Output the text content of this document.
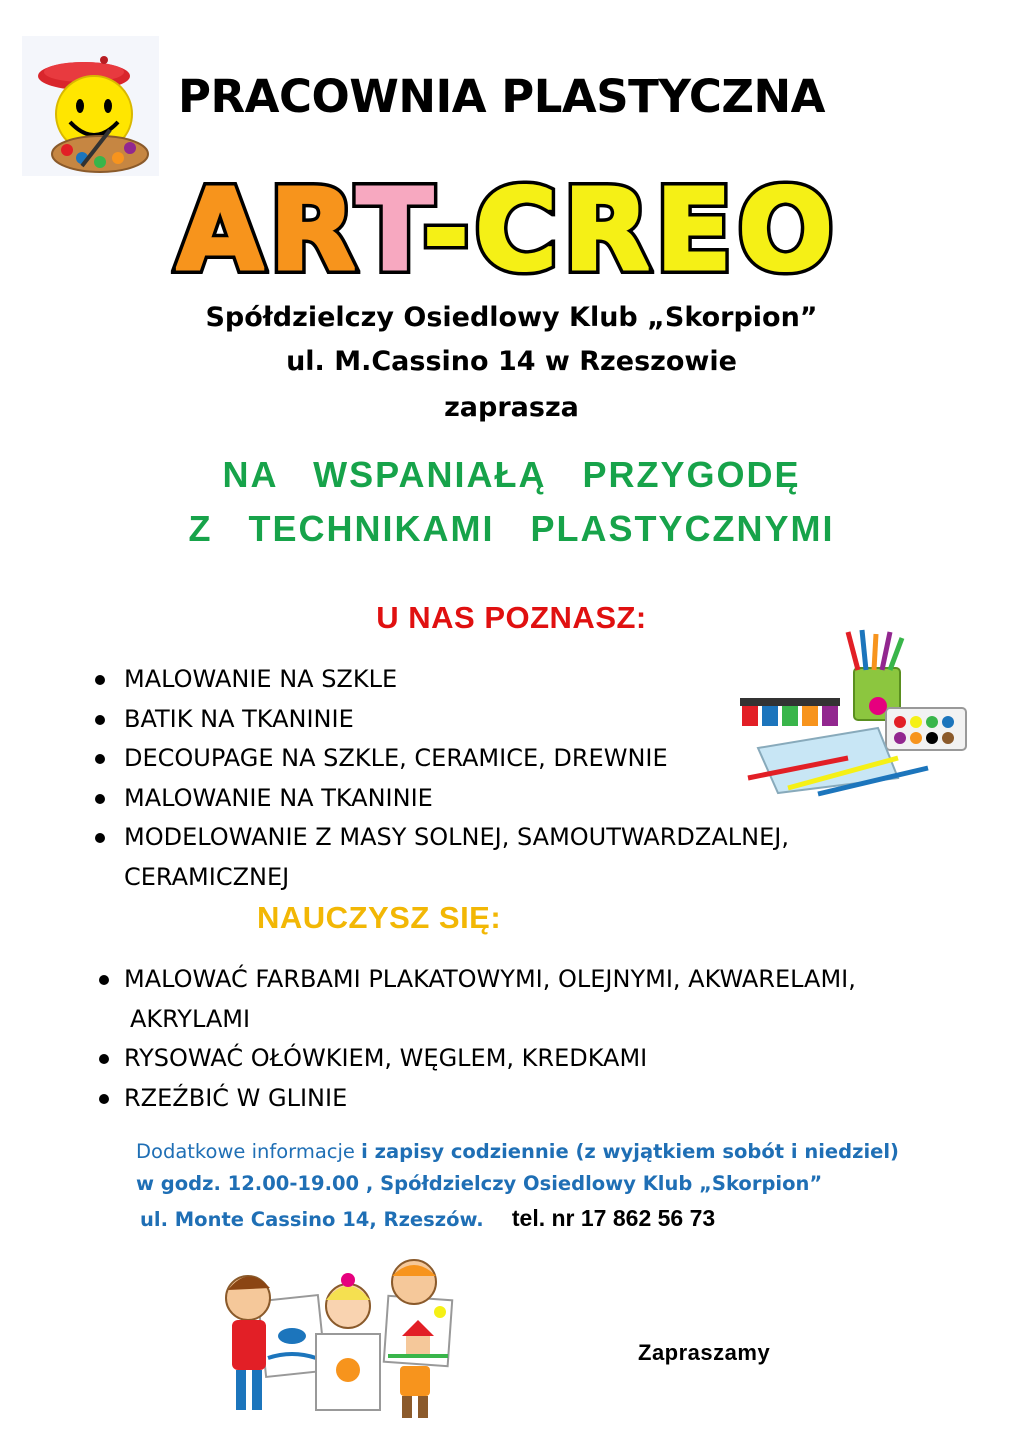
PRACOWNIA PLASTYCZNA
ART-CREO
Spółdzielczy Osiedlowy Klub „Skorpion”
ul. M.Cassino 14 w Rzeszowie
zaprasza
NA   WSPANIAŁĄ   PRZYGODĘ
Z   TECHNIKAMI   PLASTYCZNYMI
U NAS POZNASZ:
MALOWANIE NA SZKLE
BATIK NA TKANINIE
DECOUPAGE NA SZKLE, CERAMICE, DREWNIE
MALOWANIE NA TKANINIE
MODELOWANIE Z MASY SOLNEJ, SAMOUTWARDZALNEJ,
CERAMICZNEJ
NAUCZYSZ SIĘ:
MALOWAĆ FARBAMI PLAKATOWYMI, OLEJNYMI, AKWARELAMI,
AKRYLAMI
RYSOWAĆ OŁÓWKIEM, WĘGLEM, KREDKAMI
RZEŹBIĆ W GLINIE
Dodatkowe informacje i zapisy codziennie (z wyjątkiem sobót i niedziel)
w godz. 12.00-19.00 , Spółdzielczy Osiedlowy Klub „Skorpion”
ul. Monte Cassino 14, Rzeszów. tel. nr 17 862 56 73
Zapraszamy
